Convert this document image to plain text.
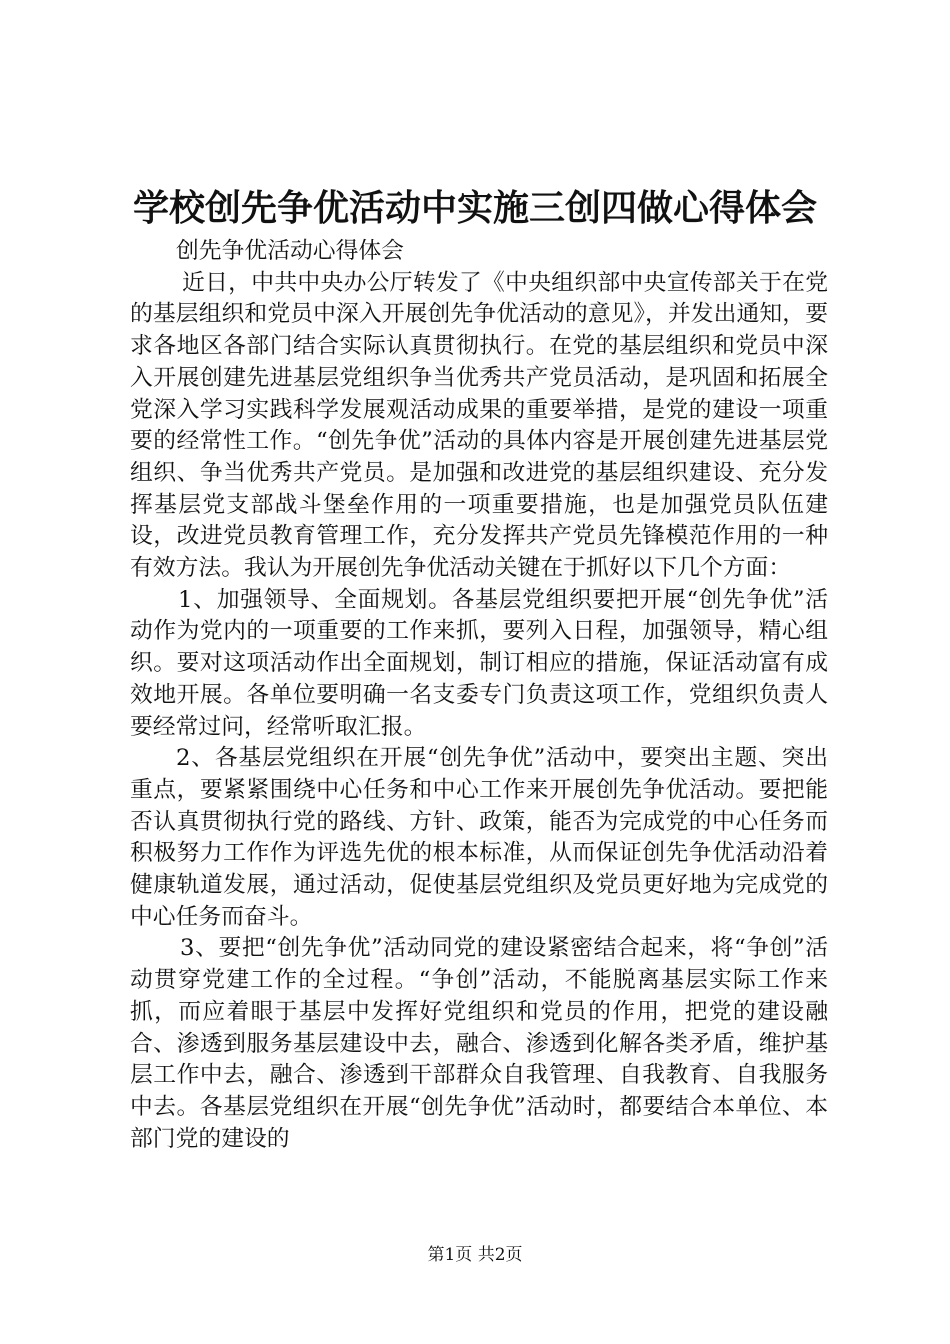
学校创先争优活动中实施三创四做心得体会
创先争优活动心得体会

近日，中共中央办公厅转发了《中央组织部中央宣传部关于在党的基层组织和党员中深入开展创先争优活动的意见》，并发出通知，要求各地区各部门结合实际认真贯彻执行。在党的基层组织和党员中深入开展创建先进基层党组织争当优秀共产党员活动，是巩固和拓展全党深入学习实践科学发展观活动成果的重要举措，是党的建设一项重要的经常性工作。“创先争优”活动的具体内容是开展创建先进基层党组织、争当优秀共产党员。是加强和改进党的基层组织建设、充分发挥基层党支部战斗堡垒作用的一项重要措施，也是加强党员队伍建设，改进党员教育管理工作，充分发挥共产党员先锋模范作用的一种有效方法。我认为开展创先争优活动关键在于抓好以下几个方面：

1、加强领导、全面规划。各基层党组织要把开展“创先争优”活动作为党内的一项重要的工作来抓，要列入日程，加强领导，精心组织。要对这项活动作出全面规划，制订相应的措施，保证活动富有成效地开展。各单位要明确一名支委专门负责这项工作，党组织负责人要经常过问，经常听取汇报。

2、各基层党组织在开展“创先争优”活动中，要突出主题、突出重点，要紧紧围绕中心任务和中心工作来开展创先争优活动。要把能否认真贯彻执行党的路线、方针、政策，能否为完成党的中心任务而积极努力工作作为评选先优的根本标准，从而保证创先争优活动沿着健康轨道发展，通过活动，促使基层党组织及党员更好地为完成党的中心任务而奋斗。

3、要把“创先争优”活动同党的建设紧密结合起来，将“争创”活动贯穿党建工作的全过程。“争创”活动，不能脱离基层实际工作来抓，而应着眼于基层中发挥好党组织和党员的作用，把党的建设融合、渗透到服务基层建设中去，融合、渗透到化解各类矛盾，维护基层工作中去，融合、渗透到干部群众自我管理、自我教育、自我服务中去。各基层党组织在开展“创先争优”活动时，都要结合本单位、本部门党的建设的

第1页 共2页
